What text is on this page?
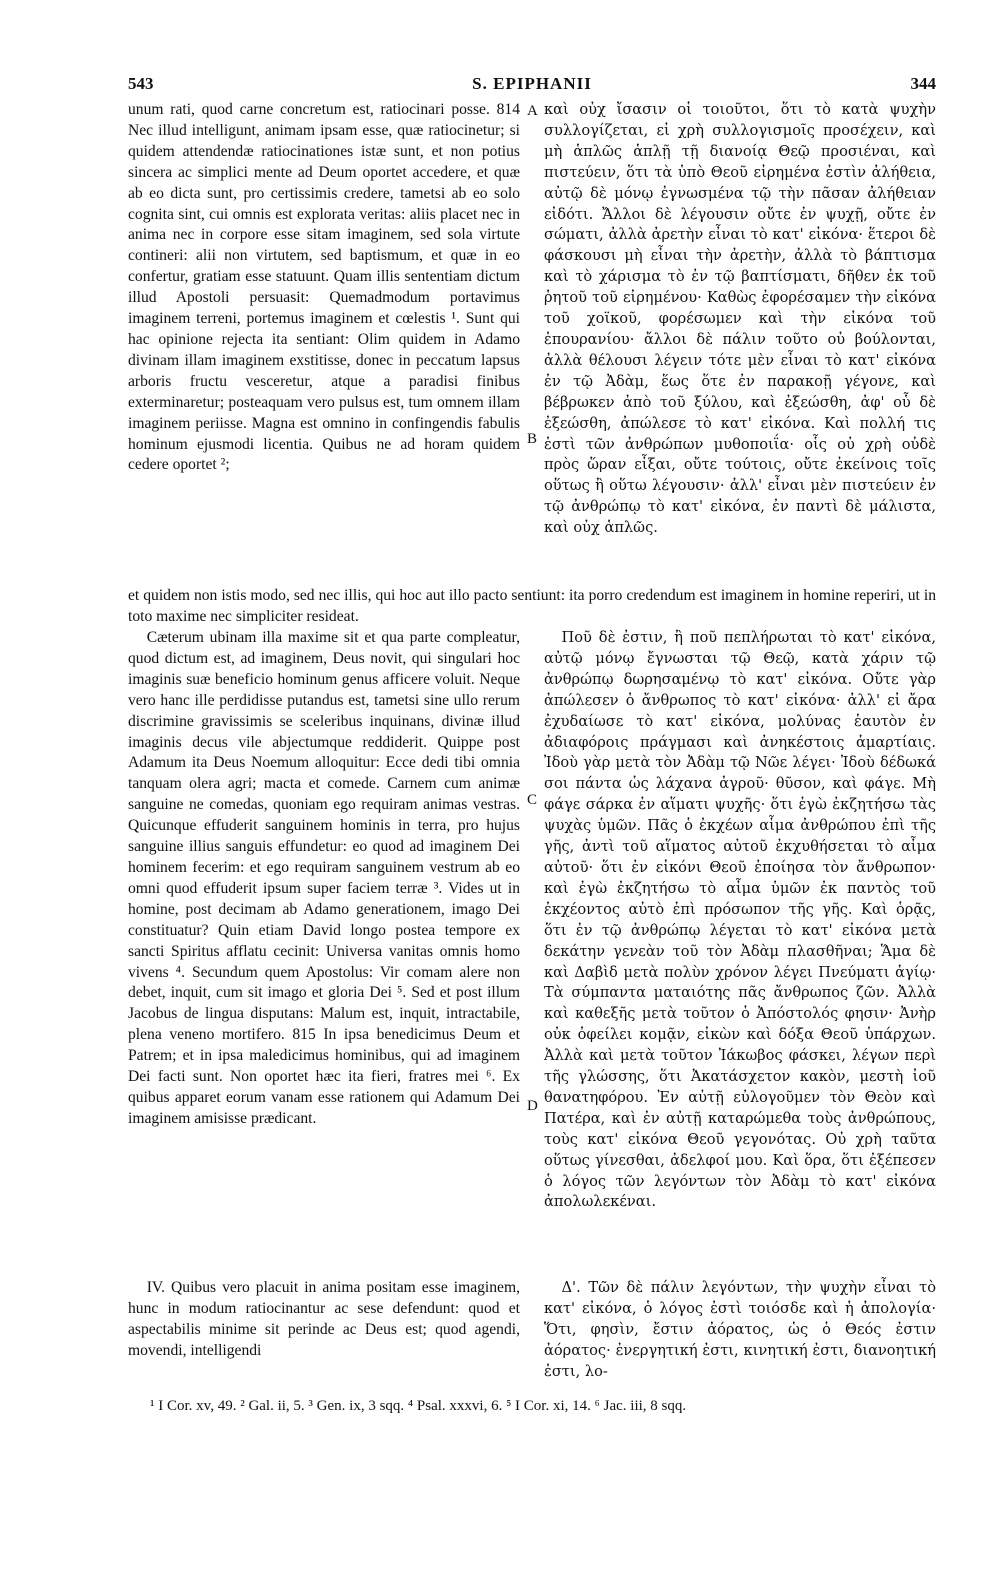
543	S. EPIPHANII	344

unum rati, quod carne concretum est, ratiocinari posse. 814 Nec illud intelligunt, animam ipsam esse, quæ ratiocinetur; si quidem attendendæ ratiocinationes istæ sunt, et non potius sincera ac simplici mente ad Deum oportet accedere, et quæ ab eo dicta sunt, pro certissimis credere, tametsi ab eo solo cognita sint, cui omnis est explorata veritas: aliis placet nec in anima nec in corpore esse sitam imaginem, sed sola virtute contineri: alii non virtutem, sed baptismum, et quæ in eo confertur, gratiam esse statuunt. Quam illis sententiam dictum illud Apostoli persuasit: Quemadmodum portavimus imaginem terreni, portemus imaginem et cœlestis ¹. Sunt qui hac opinione rejecta ita sentiant: Olim quidem in Adamo divinam illam imaginem exstitisse, donec in peccatum lapsus arboris fructu vesceretur, atque a paradisi finibus exterminaretur; posteaquam vero pulsus est, tum omnem illam imaginem periisse. Magna est omnino in confingendis fabulis hominum ejusmodi licentia. Quibus ne ad horam quidem cedere oportet ²;

καὶ οὐχ ἴσασιν οἱ τοιοῦτοι, ὅτι τὸ κατὰ ψυχὴν συλλογίζεται, εἰ χρὴ συλλογισμοῖς προσέχειν, καὶ μὴ ἁπλῶς ἁπλῇ τῇ διανοίᾳ Θεῷ προσιέναι, καὶ πιστεύειν, ὅτι τὰ ὑπὸ Θεοῦ εἰρημένα ἐστὶν ἀλήθεια, αὐτῷ δὲ μόνῳ ἐγνωσμένα τῷ τὴν πᾶσαν ἀλήθειαν εἰδότι. Ἄλλοι δὲ λέγουσιν οὔτε ἐν ψυχῇ, οὔτε ἐν σώματι, ἀλλὰ ἀρετὴν εἶναι τὸ κατ' εἰκόνα· ἕτεροι δὲ φάσκουσι μὴ εἶναι τὴν ἀρετὴν, ἀλλὰ τὸ βάπτισμα καὶ τὸ χάρισμα τὸ ἐν τῷ βαπτίσματι, δῆθεν ἐκ τοῦ ῥητοῦ τοῦ εἰρημένου· Καθὼς ἐφορέσαμεν τὴν εἰκόνα τοῦ χοϊκοῦ, φορέσωμεν καὶ τὴν εἰκόνα τοῦ ἐπουρανίου· ἄλλοι δὲ πάλιν τοῦτο οὐ βούλονται, ἀλλὰ θέλουσι λέγειν τότε μὲν εἶναι τὸ κατ' εἰκόνα ἐν τῷ Ἀδὰμ, ἕως ὅτε ἐν παρακοῇ γέγονε, καὶ βέβρωκεν ἀπὸ τοῦ ξύλου, καὶ ἐξεώσθη, ἀφ' οὗ δὲ ἐξεώσθη, ἀπώλεσε τὸ κατ' εἰκόνα. Καὶ πολλή τις ἐστὶ τῶν ἀνθρώπων μυθοποιΐα· οἷς οὐ χρὴ οὐδὲ πρὸς ὥραν εἶξαι, οὔτε τούτοις, οὔτε ἐκείνοις τοῖς οὕτως ἢ οὕτω λέγουσιν· ἀλλ' εἶναι μὲν πιστεύειν ἐν τῷ ἀνθρώπῳ τὸ κατ' εἰκόνα, ἐν παντὶ δὲ μάλιστα, καὶ οὐχ ἁπλῶς.

A
B

et quidem non istis modo, sed nec illis, qui hoc aut illo pacto sentiunt: ita porro credendum est imaginem in homine reperiri, ut in toto maxime nec simpliciter resideat.

Cæterum ubinam illa maxime sit et qua parte compleatur, quod dictum est, ad imaginem, Deus novit, qui singulari hoc imaginis suæ beneficio hominum genus afficere voluit. Neque vero hanc ille perdidisse putandus est, tametsi sine ullo rerum discrimine gravissimis se sceleribus inquinans, divinæ illud imaginis decus vile abjectumque reddiderit. Quippe post Adamum ita Deus Noemum alloquitur: Ecce dedi tibi omnia tanquam olera agri; macta et comede. Carnem cum animæ sanguine ne comedas, quoniam ego requiram animas vestras. Quicunque effuderit sanguinem hominis in terra, pro hujus sanguine illius sanguis effundetur: eo quod ad imaginem Dei hominem fecerim: et ego requiram sanguinem vestrum ab eo omni quod effuderit ipsum super faciem terræ ³. Vides ut in homine, post decimam ab Adamo generationem, imago Dei constituatur? Quin etiam David longo postea tempore ex sancti Spiritus afflatu cecinit: Universa vanitas omnis homo vivens ⁴. Secundum quem Apostolus: Vir comam alere non debet, inquit, cum sit imago et gloria Dei ⁵. Sed et post illum Jacobus de lingua disputans: Malum est, inquit, intractabile, plena veneno mortifero. 815 In ipsa benedicimus Deum et Patrem; et in ipsa maledicimus hominibus, qui ad imaginem Dei facti sunt. Non oportet hæc ita fieri, fratres mei ⁶. Ex quibus apparet eorum vanam esse rationem qui Adamum Dei imaginem amisisse prædicant.

Ποῦ δὲ ἐστιν, ἢ ποῦ πεπλήρωται τὸ κατ' εἰκόνα, αὐτῷ μόνῳ ἔγνωσται τῷ Θεῷ, κατὰ χάριν τῷ ἀνθρώπῳ δωρησαμένῳ τὸ κατ' εἰκόνα. Οὔτε γὰρ ἀπώλεσεν ὁ ἄνθρωπος τὸ κατ' εἰκόνα· ἀλλ' εἰ ἄρα ἐχυδαίωσε τὸ κατ' εἰκόνα, μολύνας ἑαυτὸν ἐν ἀδιαφόροις πράγμασι καὶ ἀνηκέστοις ἁμαρτίαις. Ἰδοὺ γὰρ μετὰ τὸν Ἀδὰμ τῷ Νῶε λέγει· Ἰδοὺ δέδωκά σοι πάντα ὡς λάχανα ἀγροῦ· θῦσον, καὶ φάγε. Μὴ φάγε σάρκα ἐν αἵματι ψυχῆς· ὅτι ἐγὼ ἐκζητήσω τὰς ψυχὰς ὑμῶν. Πᾶς ὁ ἐκχέων αἷμα ἀνθρώπου ἐπὶ τῆς γῆς, ἀντὶ τοῦ αἵματος αὐτοῦ ἐκχυθήσεται τὸ αἷμα αὐτοῦ· ὅτι ἐν εἰκόνι Θεοῦ ἐποίησα τὸν ἄνθρωπον· καὶ ἐγὼ ἐκζητήσω τὸ αἷμα ὑμῶν ἐκ παντὸς τοῦ ἐκχέοντος αὐτὸ ἐπὶ πρόσωπον τῆς γῆς. Καὶ ὁρᾷς, ὅτι ἐν τῷ ἀνθρώπῳ λέγεται τὸ κατ' εἰκόνα μετὰ δεκάτην γενεὰν τοῦ τὸν Ἀδὰμ πλασθῆναι; Ἅμα δὲ καὶ Δαβὶδ μετὰ πολὺν χρόνον λέγει Πνεύματι ἁγίῳ· Τὰ σύμπαντα ματαιότης πᾶς ἄνθρωπος ζῶν. Ἀλλὰ καὶ καθεξῆς μετὰ τοῦτον ὁ Ἀπόστολός φησιν· Ἀνὴρ οὐκ ὀφείλει κομᾷν, εἰκὼν καὶ δόξα Θεοῦ ὑπάρχων. Ἀλλὰ καὶ μετὰ τοῦτον Ἰάκωβος φάσκει, λέγων περὶ τῆς γλώσσης, ὅτι Ἀκατάσχετον κακὸν, μεστὴ ἰοῦ θανατηφόρου. Ἐν αὐτῇ εὐλογοῦμεν τὸν Θεὸν καὶ Πατέρα, καὶ ἐν αὐτῇ καταρώμεθα τοὺς ἀνθρώπους, τοὺς κατ' εἰκόνα Θεοῦ γεγονότας. Οὐ χρὴ ταῦτα οὕτως γίνεσθαι, ἀδελφοί μου. Καὶ ὅρα, ὅτι ἐξέπεσεν ὁ λόγος τῶν λεγόντων τὸν Ἀδὰμ τὸ κατ' εἰκόνα ἀπολωλεκέναι.

C
D

IV. Quibus vero placuit in anima positam esse imaginem, hunc in modum ratiocinantur ac sese defendunt: quod et aspectabilis minime sit perinde ac Deus est; quod agendi, movendi, intelligendi

Δ'. Τῶν δὲ πάλιν λεγόντων, τὴν ψυχὴν εἶναι τὸ κατ' εἰκόνα, ὁ λόγος ἐστὶ τοιόσδε καὶ ἡ ἀπολογία· Ὅτι, φησὶν, ἔστιν ἀόρατος, ὡς ὁ Θεός ἐστιν ἀόρατος· ἐνεργητική ἐστι, κινητική ἐστι, διανοητική ἐστι, λο-

¹ I Cor. xv, 49. ² Gal. ii, 5. ³ Gen. ix, 3 sqq. ⁴ Psal. xxxvi, 6. ⁵ I Cor. xi, 14. ⁶ Jac. iii, 8 sqq.
